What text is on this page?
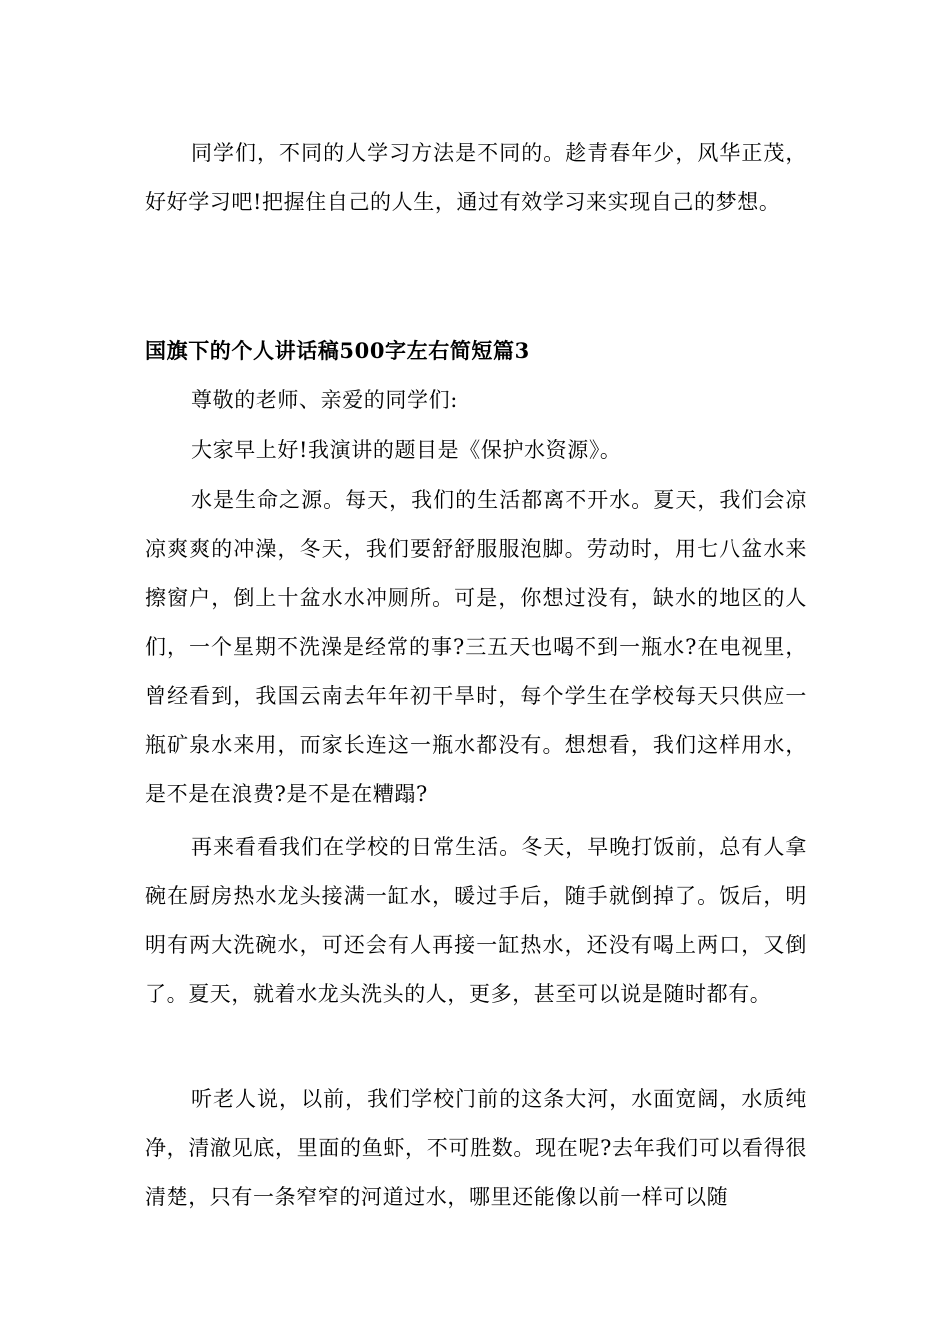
同学们，不同的人学习方法是不同的。趁青春年少，风华正茂，好好学习吧!把握住自己的人生，通过有效学习来实现自己的梦想。

国旗下的个人讲话稿500字左右简短篇3

尊敬的老师、亲爱的同学们:

大家早上好!我演讲的题目是《保护水资源》。

水是生命之源。每天，我们的生活都离不开水。夏天，我们会凉凉爽爽的冲澡，冬天，我们要舒舒服服泡脚。劳动时，用七八盆水来擦窗户，倒上十盆水水冲厕所。可是，你想过没有，缺水的地区的人们，一个星期不洗澡是经常的事?三五天也喝不到一瓶水?在电视里，曾经看到，我国云南去年年初干旱时，每个学生在学校每天只供应一瓶矿泉水来用，而家长连这一瓶水都没有。想想看，我们这样用水，是不是在浪费?是不是在糟蹋?

再来看看我们在学校的日常生活。冬天，早晚打饭前，总有人拿碗在厨房热水龙头接满一缸水，暖过手后，随手就倒掉了。饭后，明明有两大洗碗水，可还会有人再接一缸热水，还没有喝上两口，又倒了。夏天，就着水龙头洗头的人，更多，甚至可以说是随时都有。

听老人说，以前，我们学校门前的这条大河，水面宽阔，水质纯净，清澈见底，里面的鱼虾，不可胜数。现在呢?去年我们可以看得很清楚，只有一条窄窄的河道过水，哪里还能像以前一样可以随
